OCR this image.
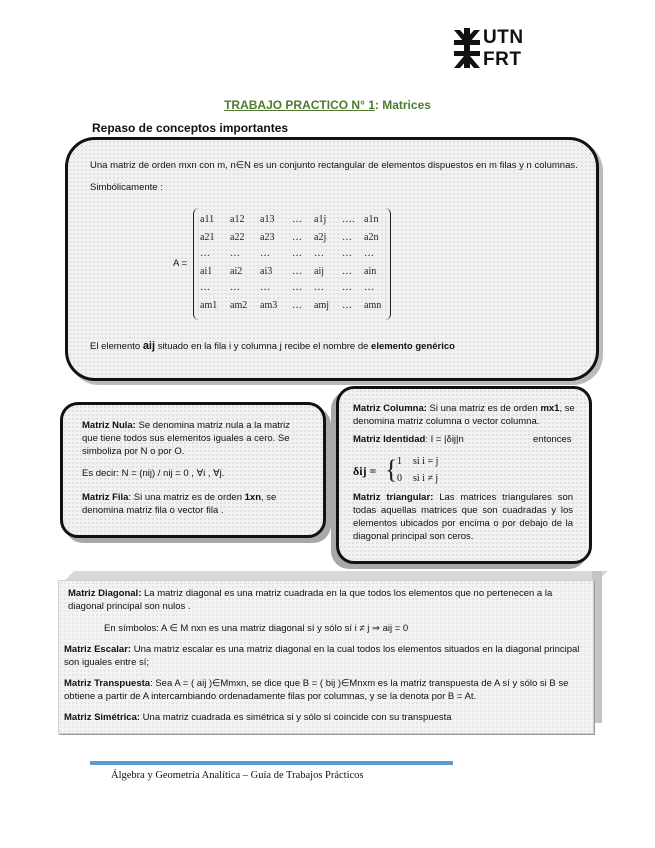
UTN
FRT
TRABAJO PRACTICO N° 1: Matrices
Repaso de conceptos importantes
Una matriz de orden mxn con m, n∈N es un conjunto rectangular de elementos dispuestos en m filas y n columnas.
Simbólicamente :
A =
a11 a12 a13 … a1j …. a1n
a21 a22 a23 … a2j … a2n
… … … … … … …
ai1 ai2 ai3 … aij … ain
… … … … … … …
am1 am2 am3 … amj … amn
El elemento aij situado en la fila i y columna j recibe el nombre de elemento genérico
Matriz Nula: Se denomina matriz nula a la matriz que tiene todos sus elementos iguales a cero. Se simboliza por N o por O.
Es decir: N = (nij) / nij = 0 , ∀i , ∀j.
Matriz Fila: Si una matriz es de orden 1xn, se denomina matriz fila o vector fila .
Matriz Columna: Si una matriz es de orden mx1, se denomina matriz columna o vector columna.
Matriz Identidad: I = |δij|n	entonces
δij = { 1 si i = j
0 si i ≠ j
Matriz triangular: Las matrices triangulares son todas aquellas matrices que son cuadradas y los elementos ubicados por encima o por debajo de la diagonal principal son ceros.
Matriz Diagonal: La matriz diagonal es una matriz cuadrada en la que todos los elementos que no pertenecen a la diagonal principal son nulos .
En símbolos: A ∈ M nxn es una matriz diagonal sí y sólo sí i ≠ j ⇒ aij = 0
Matriz Escalar: Una matriz escalar es una matriz diagonal en la cual todos los elementos situados en la diagonal principal son iguales entre sí;
Matriz Transpuesta: Sea A = ( aij )∈Mmxn, se dice que B = ( bij )∈Mnxm es la matriz transpuesta de A sí y sólo si B se obtiene a partir de A intercambiando ordenadamente filas por columnas, y se la denota por B = At.
Matriz Simétrica: Una matriz cuadrada es simétrica si y sólo sí coincide con su transpuesta
Álgebra y Geometría Analítica – Guía de Trabajos Prácticos
